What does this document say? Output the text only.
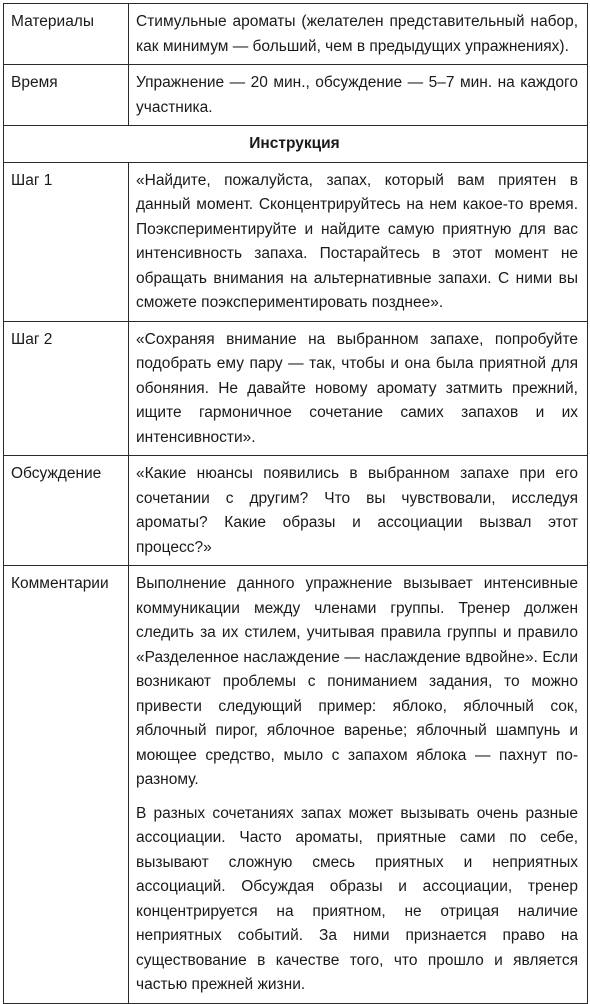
Материалы	Стимульные ароматы (желателен представительный набор, как минимум — больший, чем в предыдущих упражнениях).
Время	Упражнение — 20 мин., обсуждение — 5–7 мин. на каждого участника.
Инструкция	
Шаг 1	«Найдите, пожалуйста, запах, который вам приятен в данный момент. Сконцентрируйтесь на нем какое-то время. Поэкспериментируйте и найдите самую приятную для вас интенсивность запаха. Постарайтесь в этот момент не обращать внимания на альтернативные запахи. С ними вы сможете поэкспериментировать позднее».
Шаг 2	«Сохраняя внимание на выбранном запахе, попробуйте подобрать ему пару — так, чтобы и она была приятной для обоняния. Не давайте новому аромату затмить прежний, ищите гармоничное сочетание самих запахов и их интенсивности».
Обсуждение	«Какие нюансы появились в выбранном запахе при его сочетании с другим? Что вы чувствовали, исследуя ароматы? Какие образы и ассоциации вызвал этот процесс?»
Комментарии	Выполнение данного упражнение вызывает интенсивные коммуникации между членами группы. Тренер должен следить за их стилем, учитывая правила группы и правило «Разделенное наслаждение — наслаждение вдвойне». Если возникают проблемы с пониманием задания, то можно привести следующий пример: яблоко, яблочный сок, яблочный пирог, яблочное варенье; яблочный шампунь и моющее средство, мыло с запахом яблока — пахнут по-разному.

В разных сочетаниях запах может вызывать очень разные ассоциации. Часто ароматы, приятные сами по себе, вызывают сложную смесь приятных и неприятных ассоциаций. Обсуждая образы и ассоциации, тренер концентрируется на приятном, не отрицая наличие неприятных событий. За ними признается право на существование в качестве того, что прошло и является частью прежней жизни.
